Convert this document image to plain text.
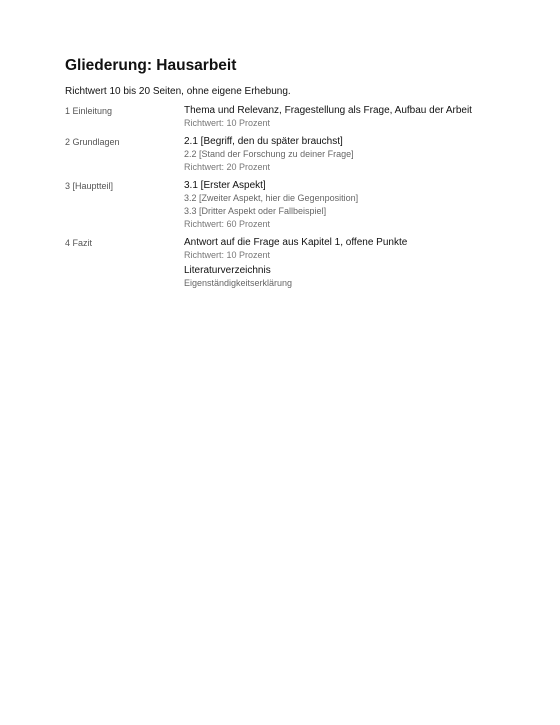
Gliederung: Hausarbeit
Richtwert 10 bis 20 Seiten, ohne eigene Erhebung.
1 Einleitung	Thema und Relevanz, Fragestellung als Frage, Aufbau der Arbeit
Richtwert: 10 Prozent
2 Grundlagen	2.1 [Begriff, den du später brauchst]
2.2 [Stand der Forschung zu deiner Frage]
Richtwert: 20 Prozent
3 [Hauptteil]	3.1 [Erster Aspekt]
3.2 [Zweiter Aspekt, hier die Gegenposition]
3.3 [Dritter Aspekt oder Fallbeispiel]
Richtwert: 60 Prozent
4 Fazit	Antwort auf die Frage aus Kapitel 1, offene Punkte
Richtwert: 10 Prozent
Literaturverzeichnis
Eigenständigkeitserklärung
